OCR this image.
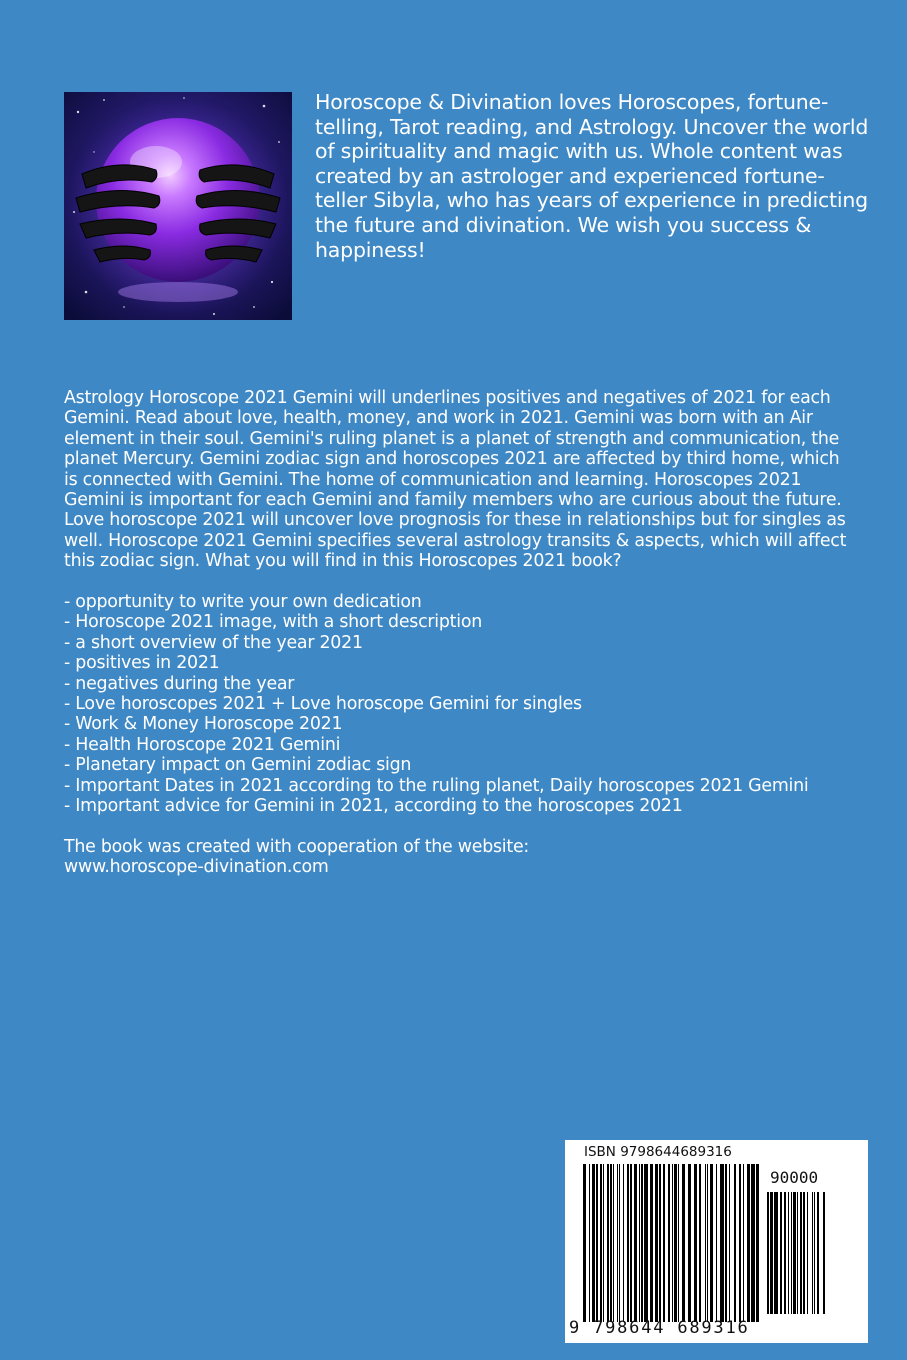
Horoscope & Divination loves Horoscopes, fortune-telling, Tarot reading, and Astrology. Uncover the world of spirituality and magic with us. Whole content was created by an astrologer and experienced fortune-teller Sibyla, who has years of experience in predicting the future and divination. We wish you success & happiness!

Astrology Horoscope 2021 Gemini will underlines positives and negatives of 2021 for each Gemini. Read about love, health, money, and work in 2021. Gemini was born with an Air element in their soul. Gemini's ruling planet is a planet of strength and communication, the planet Mercury. Gemini zodiac sign and horoscopes 2021 are affected by third home, which is connected with Gemini. The home of communication and learning. Horoscopes 2021 Gemini is important for each Gemini and family members who are curious about the future. Love horoscope 2021 will uncover love prognosis for these in relationships but for singles as well. Horoscope 2021 Gemini specifies several astrology transits & aspects, which will affect this zodiac sign. What you will find in this Horoscopes 2021 book?

- opportunity to write your own dedication
- Horoscope 2021 image, with a short description
- a short overview of the year 2021
- positives in 2021
- negatives during the year
- Love horoscopes 2021 + Love horoscope Gemini for singles
- Work & Money Horoscope 2021
- Health Horoscope 2021 Gemini
- Planetary impact on Gemini zodiac sign
- Important Dates in 2021 according to the ruling planet, Daily horoscopes 2021 Gemini
- Important advice for Gemini in 2021, according to the horoscopes 2021

The book was created with cooperation of the website:

www.horoscope-divination.com

ISBN 9798644689316
90000
9 798644 689316
